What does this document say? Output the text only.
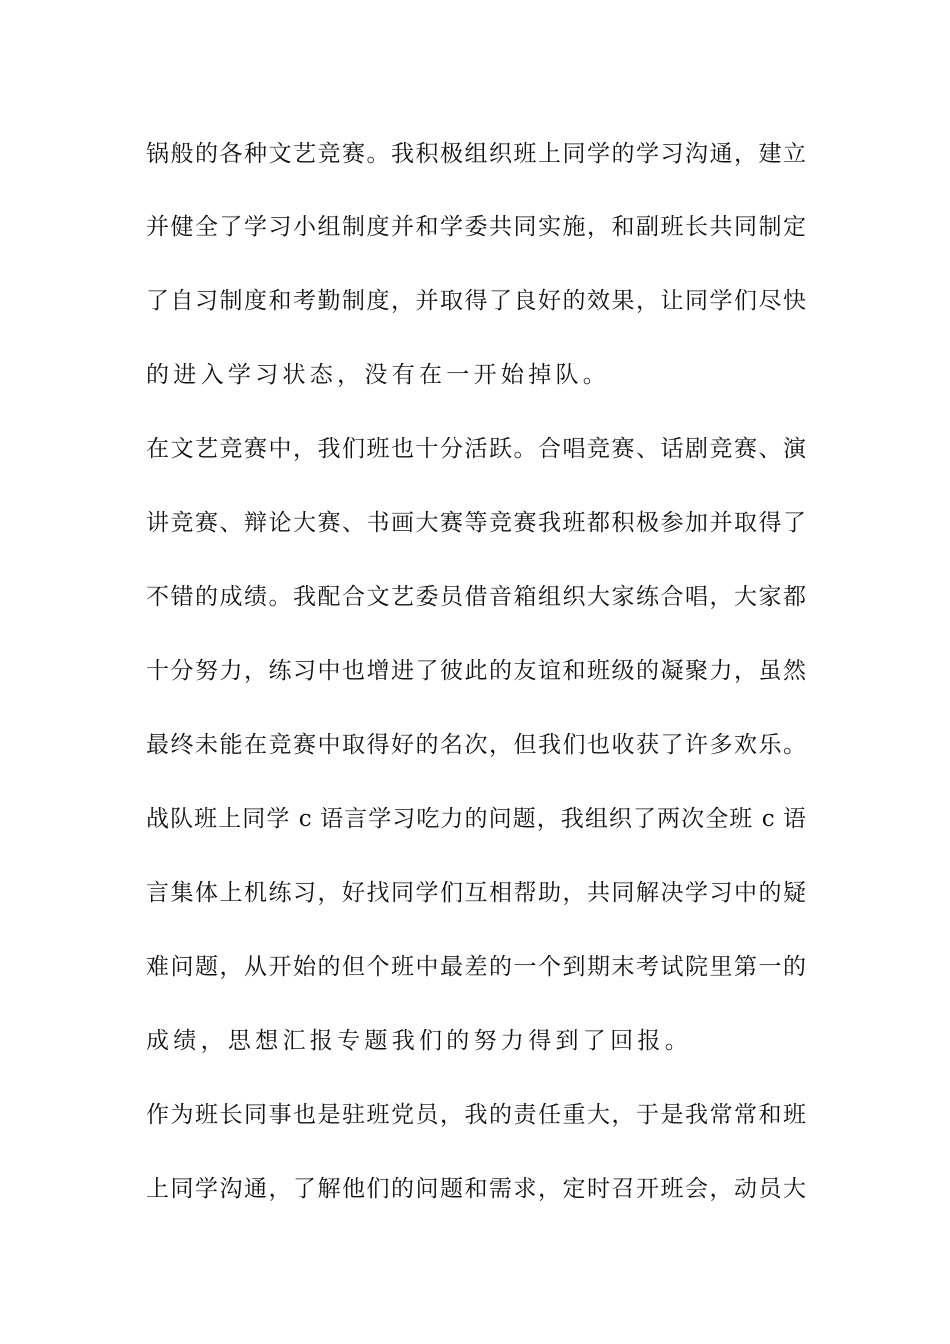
锅般的各种文艺竞赛。我积极组织班上同学的学习沟通，建立
并健全了学习小组制度并和学委共同实施，和副班长共同制定
了自习制度和考勤制度，并取得了良好的效果，让同学们尽快
的进入学习状态，没有在一开始掉队。
在文艺竞赛中，我们班也十分活跃。合唱竞赛、话剧竞赛、演
讲竞赛、辩论大赛、书画大赛等竞赛我班都积极参加并取得了
不错的成绩。我配合文艺委员借音箱组织大家练合唱，大家都
十分努力，练习中也增进了彼此的友谊和班级的凝聚力，虽然
最终未能在竞赛中取得好的名次，但我们也收获了许多欢乐。
战队班上同学 c 语言学习吃力的问题，我组织了两次全班 c 语
言集体上机练习，好找同学们互相帮助，共同解决学习中的疑
难问题，从开始的但个班中最差的一个到期末考试院里第一的
成绩，思想汇报专题我们的努力得到了回报。
作为班长同事也是驻班党员，我的责任重大，于是我常常和班
上同学沟通，了解他们的问题和需求，定时召开班会，动员大
